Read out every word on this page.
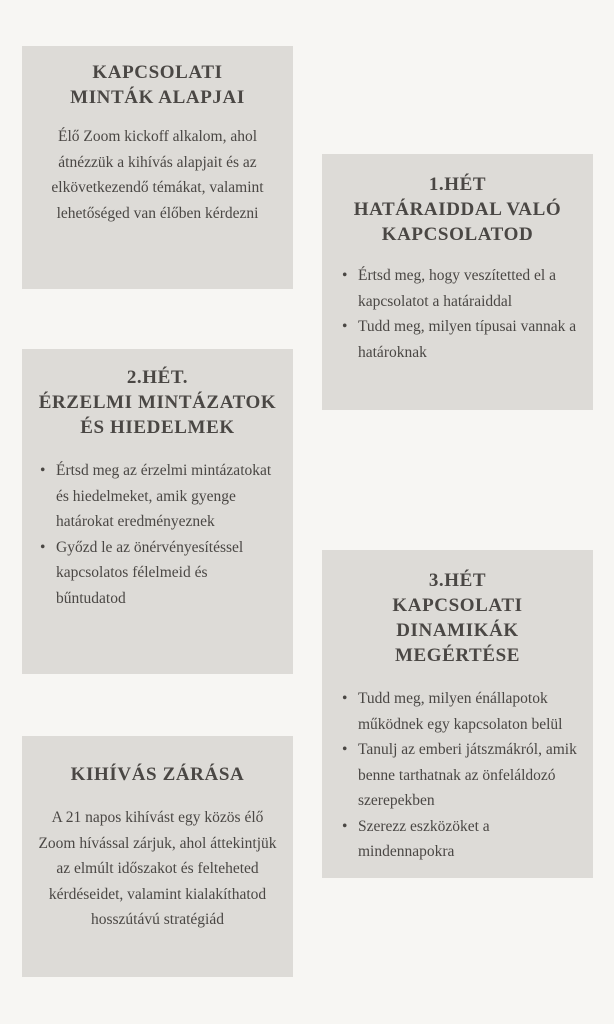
KAPCSOLATI
MINTÁK ALAPJAI

Élő Zoom kickoff alkalom, ahol átnézzük a kihívás alapjait és az elkövetkezendő témákat, valamint lehetőséged van élőben kérdezni

1.HÉT
HATÁRAIDDAL VALÓ
KAPCSOLATOD
• Értsd meg, hogy veszítetted el a kapcsolatot a határaiddal
• Tudd meg, milyen típusai vannak a határoknak
2.HÉT.
ÉRZELMI MINTÁZATOK
ÉS HIEDELMEK
• Értsd meg az érzelmi mintázatokat és hiedelmeket, amik gyenge határokat eredményeznek
• Győzd le az önérvényesítéssel kapcsolatos félelmeid és bűntudatod
3.HÉT
KAPCSOLATI DINAMIKÁK
MEGÉRTÉSE
• Tudd meg, milyen énállapotok működnek egy kapcsolaton belül
• Tanulj az emberi játszmákról, amik benne tarthatnak az önfeláldozó szerepekben
• Szerezz eszközöket a mindennapokra
KIHÍVÁS ZÁRÁSA

A 21 napos kihívást egy közös élő Zoom hívással zárjuk, ahol áttekintjük az elmúlt időszakot és felteheted kérdéseidet, valamint kialakíthatod hosszútávú stratégiád
